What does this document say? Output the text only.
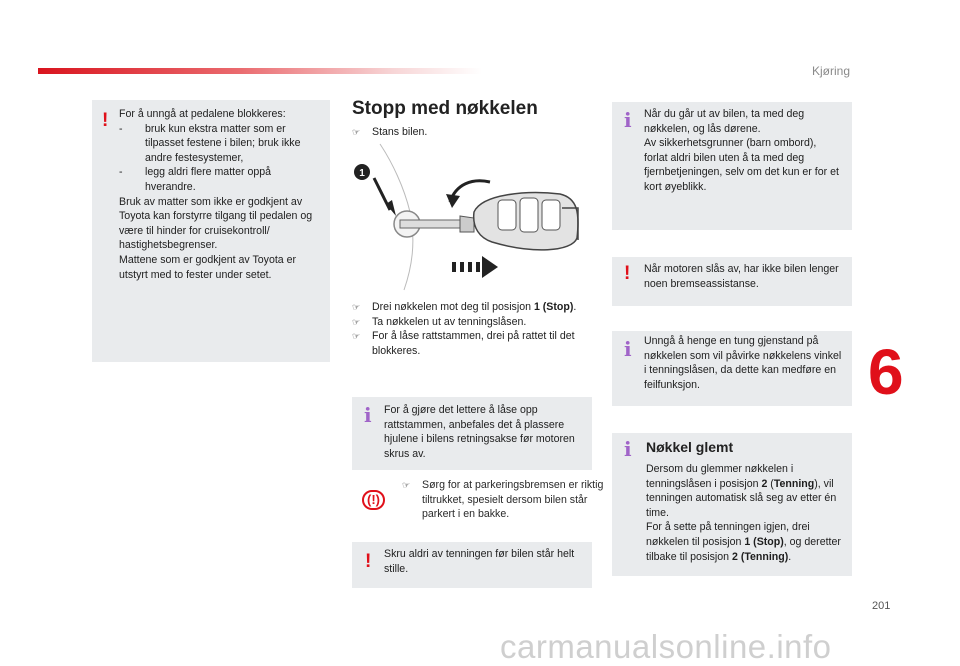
Kjøring
! For å unngå at pedalene blokkeres:

- bruk kun ekstra matter som er tilpasset festene i bilen; bruk ikke andre festesystemer,

- legg aldri flere matter oppå hverandre.

Bruk av matter som ikke er godkjent av Toyota kan forstyrre tilgang til pedalen og være til hinder for cruisekontroll/ hastighetsbegrenser.

Mattene som er godkjent av Toyota er utstyrt med to fester under setet.

Stopp med nøkkelen
☞ Stans bilen.
1
☞ Drei nøkkelen mot deg til posisjon 1 (Stop).
☞ Ta nøkkelen ut av tenningslåsen.
☞ For å låse rattstammen, drei på rattet til det blokkeres.
i For å gjøre det lettere å låse opp rattstammen, anbefales det å plassere hjulene i bilens retningsakse før motoren skrus av.

(!)
☞ Sørg for at parkeringsbremsen er riktig tiltrukket, spesielt dersom bilen står parkert i en bakke.
! Skru aldri av tenningen før bilen står helt stille.

i Når du går ut av bilen, ta med deg nøkkelen, og lås dørene.

Av sikkerhetsgrunner (barn ombord), forlat aldri bilen uten å ta med deg fjernbetjeningen, selv om det kun er for et kort øyeblikk.

! Når motoren slås av, har ikke bilen lenger noen bremseassistanse.

i Unngå å henge en tung gjenstand på nøkkelen som vil påvirke nøkkelens vinkel i tenningslåsen, da dette kan medføre en feilfunksjon.

i Nøkkel glemt

Dersom du glemmer nøkkelen i tenningslåsen i posisjon 2 (Tenning), vil tenningen automatisk slå seg av etter én time.

For å sette på tenningen igjen, drei nøkkelen til posisjon 1 (Stop), og deretter tilbake til posisjon 2 (Tenning).

6
201
carmanualsonline.info
